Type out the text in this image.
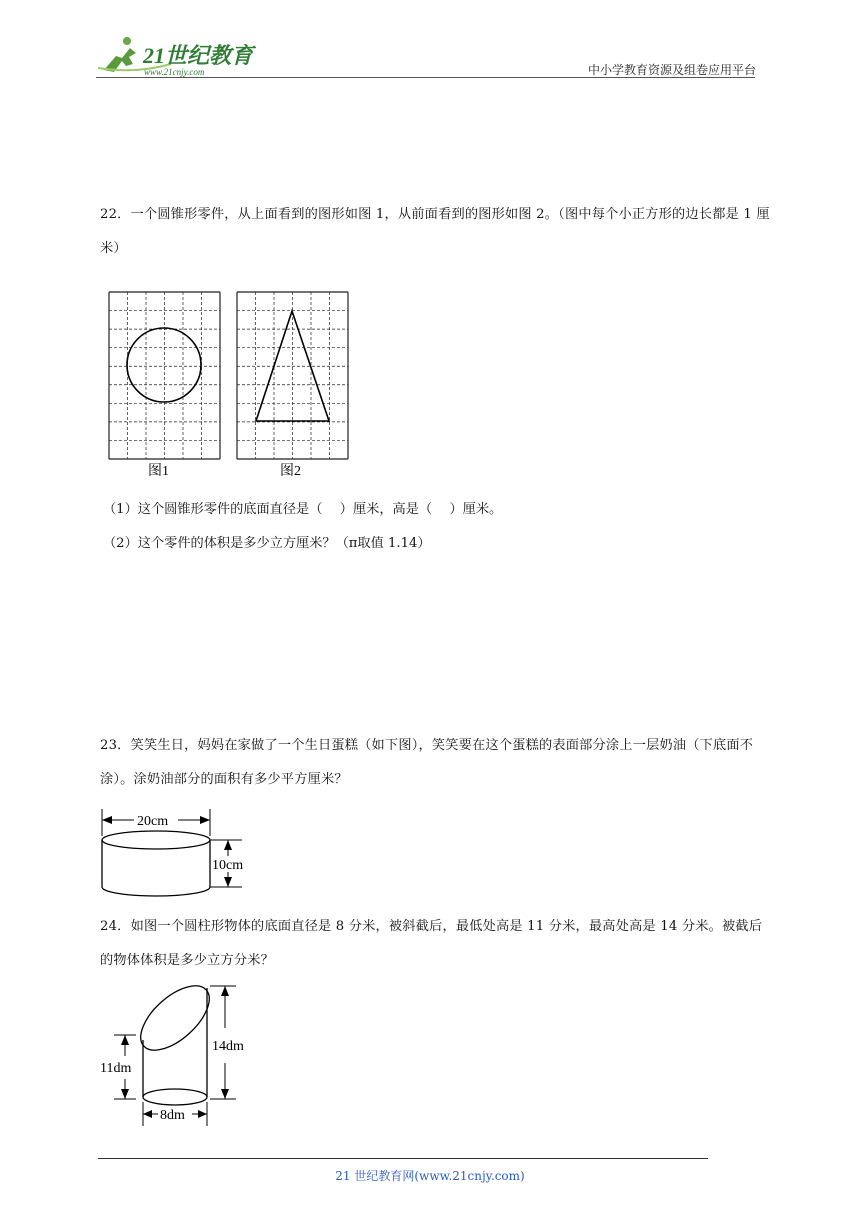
21世纪教育
www.21cnjy.com	中小学教育资源及组卷应用平台
22．一个圆锥形零件，从上面看到的图形如图 1，从前面看到的图形如图 2。（图中每个小正方形的边长都是 1 厘米）
图1	图2
（1）这个圆锥形零件的底面直径是（　 ）厘米，高是（　 ）厘米。
（2）这个零件的体积是多少立方厘米？（π取值 1.14）
23．笑笑生日，妈妈在家做了一个生日蛋糕（如下图），笑笑要在这个蛋糕的表面部分涂上一层奶油（下底面不涂）。涂奶油部分的面积有多少平方厘米？
20cm
10cm
24．如图一个圆柱形物体的底面直径是 8 分米，被斜截后，最低处高是 11 分米，最高处高是 14 分米。被截后的物体体积是多少立方分米？
11dm
14dm
8dm
21 世纪教育网(www.21cnjy.com)
